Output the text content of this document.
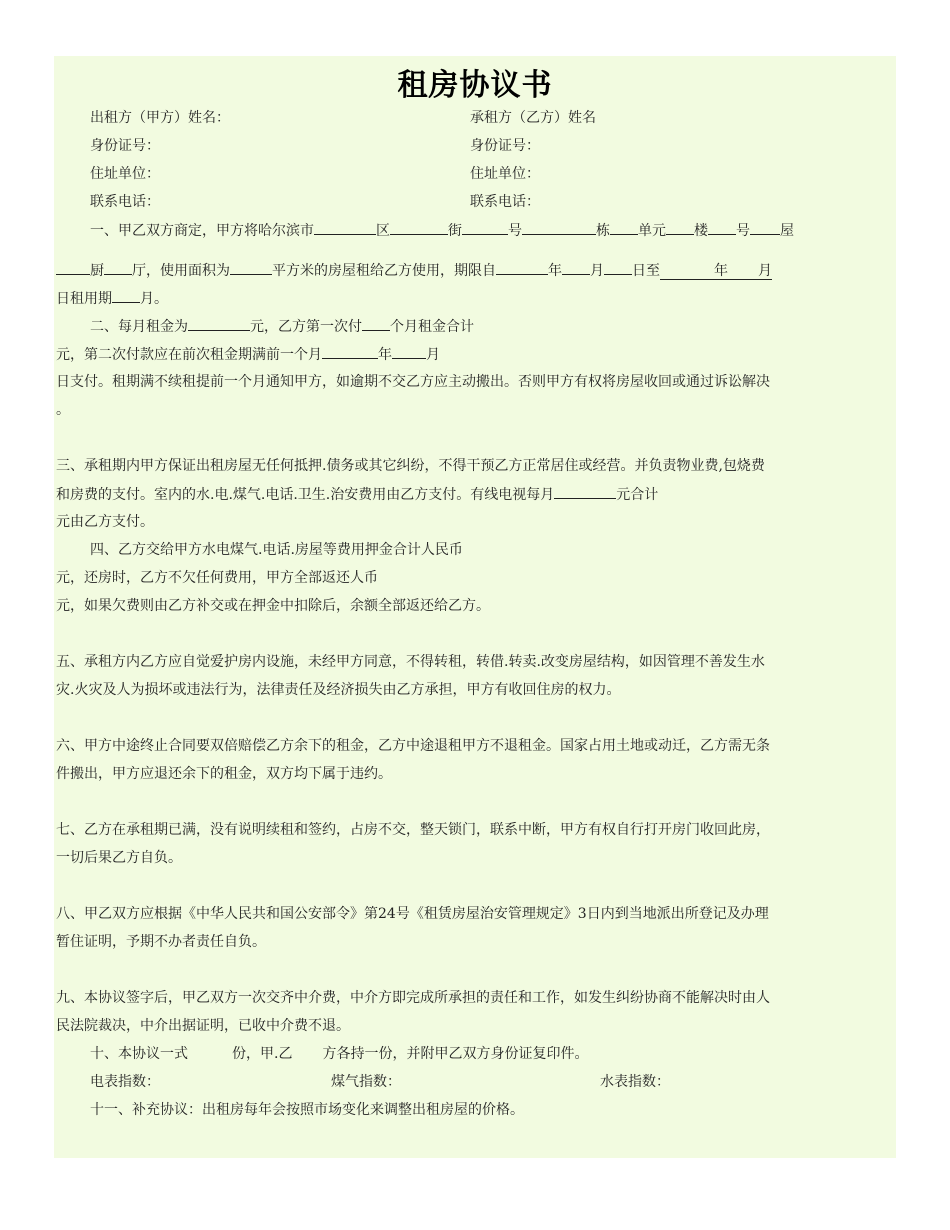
租房协议书
出租方（甲方）姓名：	承租方（乙方）姓名
身份证号：	身份证号：
住址单位：	住址单位：
联系电话：	联系电话：
一、甲乙双方商定，甲方将哈尔滨市	区	街	号	栋 单元 楼 号 屋
厨 厅，使用面积为	平方米的房屋租给乙方使用，期限自	年 月 日至	年 月
日租用期 月。
二、每月租金为	元，乙方第一次付 个月租金合计
元，第二次付款应在前次租金期满前一个月	年 月
日支付。租期满不续租提前一个月通知甲方，如逾期不交乙方应主动搬出。否则甲方有权将房屋收回或通过诉讼解决
。
三、承租期内甲方保证出租房屋无任何抵押.债务或其它纠纷，不得干预乙方正常居住或经营。并负责物业费,包烧费
和房费的支付。室内的水.电.煤气.电话.卫生.治安费用由乙方支付。有线电视每月	元合计
元由乙方支付。
四、乙方交给甲方水电煤气.电话.房屋等费用押金合计人民币
元，还房时，乙方不欠任何费用，甲方全部返还人币
元，如果欠费则由乙方补交或在押金中扣除后，余额全部返还给乙方。
五、承租方内乙方应自觉爱护房内设施，未经甲方同意，不得转租，转借.转卖.改变房屋结构，如因管理不善发生水
灾.火灾及人为损坏或违法行为，法律责任及经济损失由乙方承担，甲方有收回住房的权力。
六、甲方中途终止合同要双倍赔偿乙方余下的租金，乙方中途退租甲方不退租金。国家占用土地或动迁，乙方需无条
件搬出，甲方应退还余下的租金，双方均下属于违约。
七、乙方在承租期已满，没有说明续租和签约，占房不交，整天锁门，联系中断，甲方有权自行打开房门收回此房，
一切后果乙方自负。
八、甲乙双方应根据《中华人民共和国公安部令》第24号《租赁房屋治安管理规定》3日内到当地派出所登记及办理
暂住证明，予期不办者责任自负。
九、本协议签字后，甲乙双方一次交齐中介费，中介方即完成所承担的责任和工作，如发生纠纷协商不能解决时由人
民法院裁决，中介出据证明，已收中介费不退。
十、本协议一式	份，甲.乙 方各持一份，并附甲乙双方身份证复印件。
电表指数：	煤气指数：	水表指数：
十一、补充协议：出租房每年会按照市场变化来调整出租房屋的价格。
